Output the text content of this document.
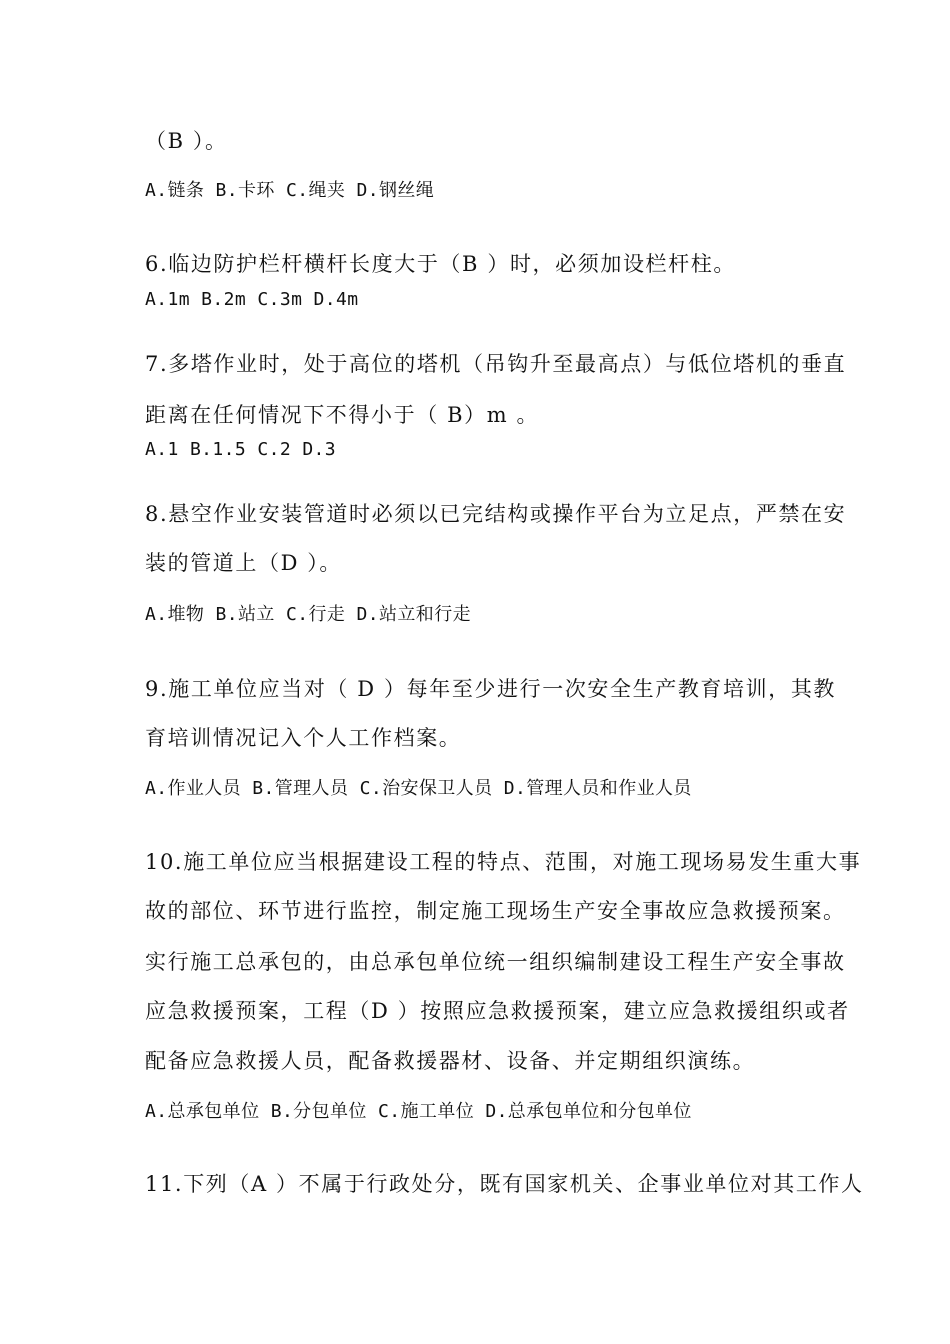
（B ）。
A.链条 B.卡环 C.绳夹 D.钢丝绳
6.临边防护栏杆横杆长度大于（B ）时，必须加设栏杆柱。
A.1m B.2m C.3m D.4m
7.多塔作业时，处于高位的塔机（吊钩升至最高点）与低位塔机的垂直
距离在任何情况下不得小于（ B）m 。
A.1 B.1.5 C.2 D.3
8.悬空作业安装管道时必须以已完结构或操作平台为立足点，严禁在安
装的管道上（D ）。
A.堆物 B.站立 C.行走 D.站立和行走
9.施工单位应当对（ D ）每年至少进行一次安全生产教育培训，其教
育培训情况记入个人工作档案。
A.作业人员 B.管理人员 C.治安保卫人员 D.管理人员和作业人员
10.施工单位应当根据建设工程的特点、范围，对施工现场易发生重大事
故的部位、环节进行监控，制定施工现场生产安全事故应急救援预案。
实行施工总承包的，由总承包单位统一组织编制建设工程生产安全事故
应急救援预案，工程（D ）按照应急救援预案，建立应急救援组织或者
配备应急救援人员，配备救援器材、设备、并定期组织演练。
A.总承包单位 B.分包单位 C.施工单位 D.总承包单位和分包单位
11.下列（A ）不属于行政处分，既有国家机关、企事业单位对其工作人
